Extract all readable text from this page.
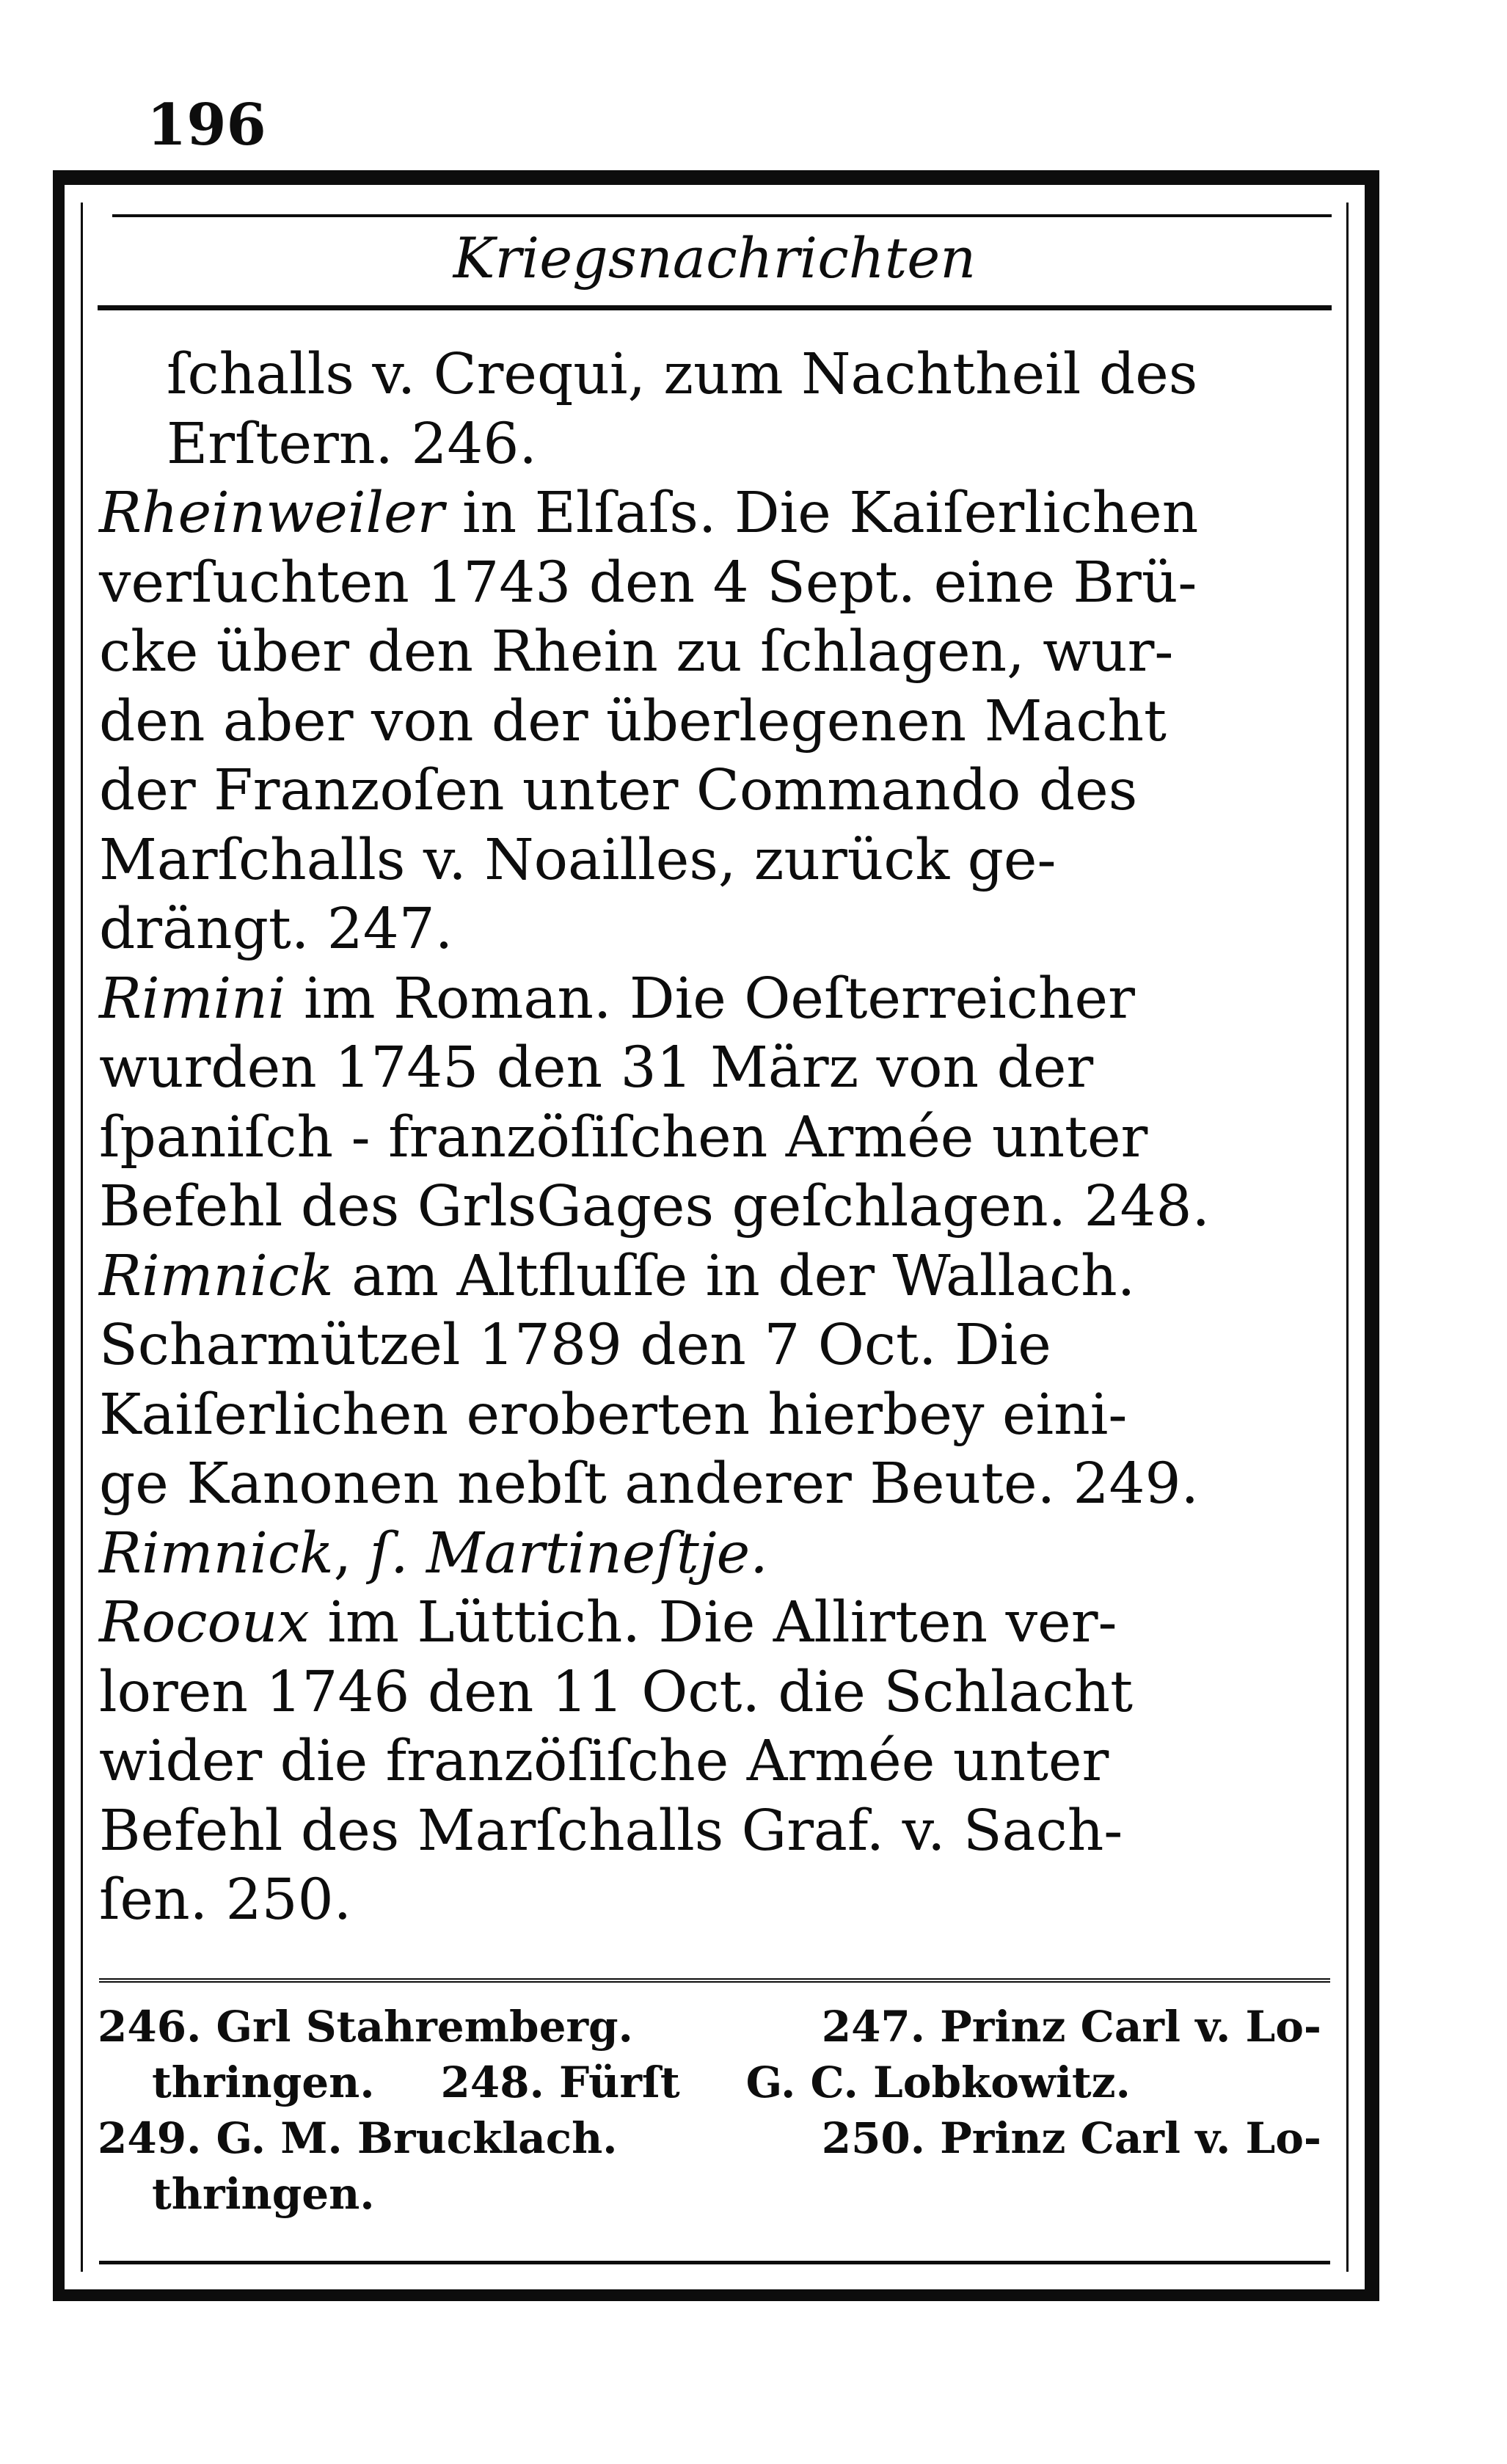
196
Kriegsnachrichten
ſchalls v. Crequi, zum Nachtheil des
Erſtern. 246.
Rheinweiler in Elſaſs. Die Kaiſerlichen
verſuchten 1743 den 4 Sept. eine Brü-
cke über den Rhein zu ſchlagen, wur-
den aber von der überlegenen Macht
der Franzoſen unter Commando des
Marſchalls v. Noailles, zurück ge-
drängt. 247.
Rimini im Roman. Die Oeſterreicher
wurden 1745 den 31 März von der
ſpaniſch - franzöſiſchen Armée unter
Befehl des GrlsGages geſchlagen. 248.
Rimnick am Altfluſſe in der Wallach.
Scharmützel 1789 den 7 Oct. Die
Kaiſerlichen eroberten hierbey eini-
ge Kanonen nebſt anderer Beute. 249.
Rimnick, ſ. Martineſtje.
Rocoux im Lüttich. Die Allirten ver-
loren 1746 den 11 Oct. die Schlacht
wider die franzöſiſche Armée unter
Befehl des Marſchalls Graf. v. Sach-
ſen. 250.
246. Grl Stahremberg.	247. Prinz Carl v. Lo-
thringen. 248. Fürſt G. C. Lobkowitz.
249. G. M. Brucklach.	250. Prinz Carl v. Lo-
thringen.
